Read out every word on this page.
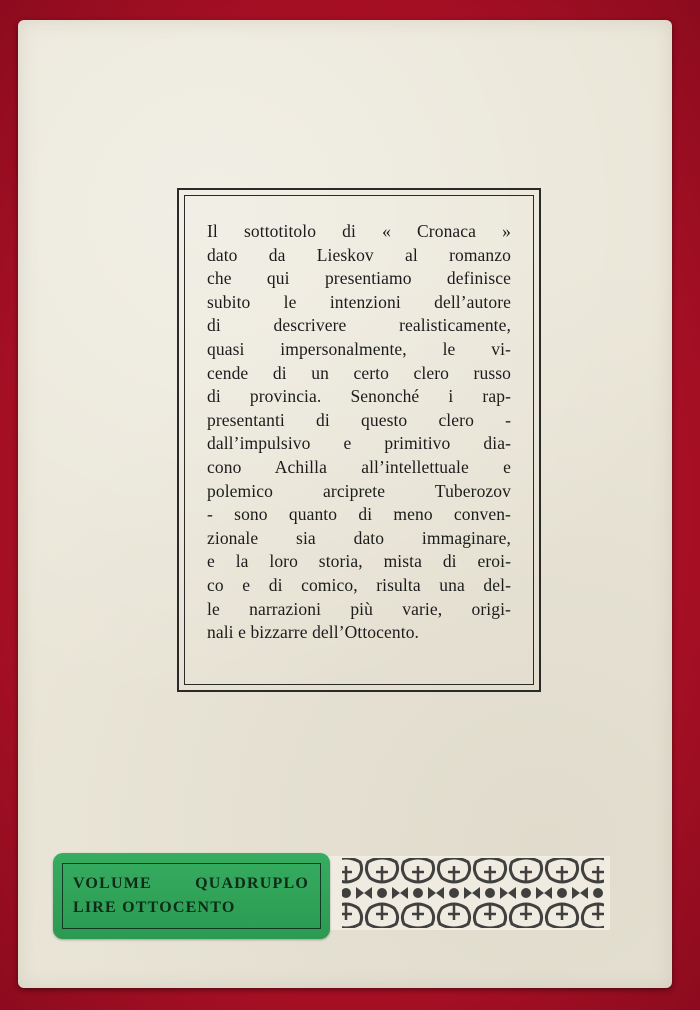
Il sottotitolo di « Cronaca »
dato da Lieskov al romanzo
che qui presentiamo definisce
subito le intenzioni dell’autore
di descrivere realisticamente,
quasi impersonalmente, le vi-
cende di un certo clero russo
di provincia. Senonché i rap-
presentanti di questo clero -
dall’impulsivo e primitivo dia-
cono Achilla all’intellettuale e
polemico arciprete Tuberozov
- sono quanto di meno conven-
zionale sia dato immaginare,
e la loro storia, mista di eroi-
co e di comico, risulta una del-
le narrazioni più varie, origi-
nali e bizzarre dell’Ottocento.

VOLUME QUADRUPLO
LIRE OTTOCENTO
